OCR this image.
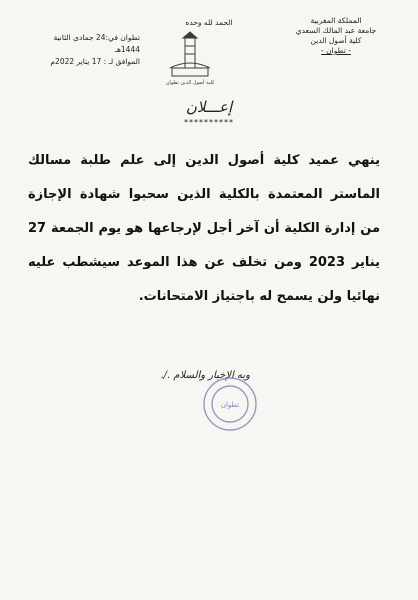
المملكة المغربية
جامعة عبد المالك السعدي
كلية أصول الدين
- تطوان -
الحمد لله وحده
كلية أصول الدين تطوان
تطوان في:24 جمادى الثانية 1444هـ
الموافق لـ : 17 يناير 2022م
إعـــلان
**********

ينهي عميد كلية أصول الدين إلى علم طلبة مسالك الماستر المعتمدة بالكلية الذين سحبوا شهادة الإجازة من إدارة الكلية أن آخر أجل لإرجاعها هو يوم الجمعة 27 يناير 2023 ومن تخلف عن هذا الموعد سيشطب عليه نهائيا ولن يسمح له باجتياز الامتحانات.

وبه الإخبار والسلام ./.
تطوان
